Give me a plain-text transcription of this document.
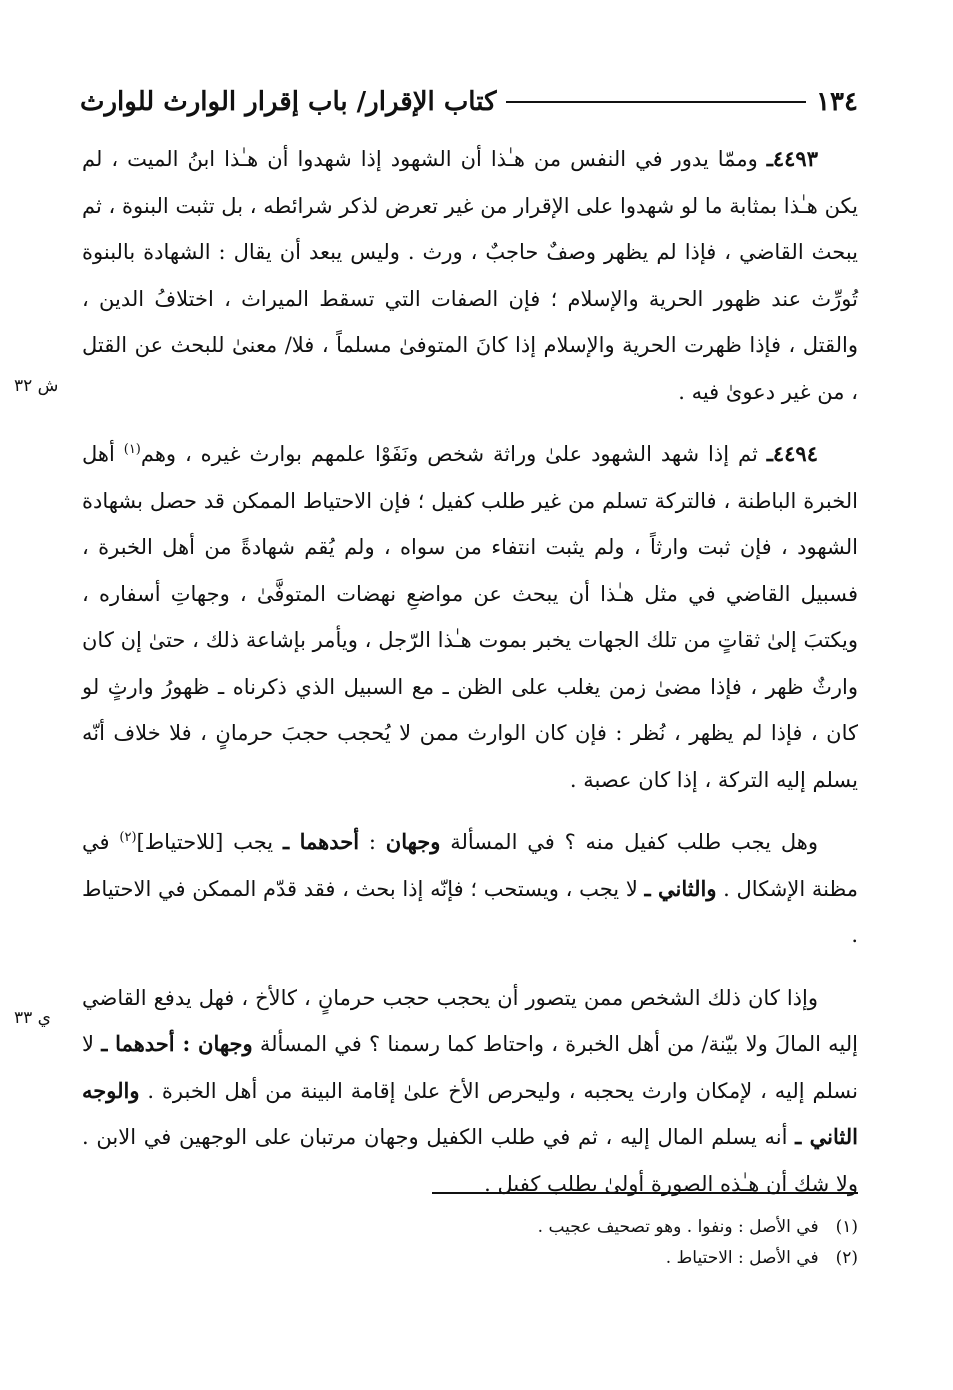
١٣٤
كتاب الإقرار/ باب إقرار الوارث للوارث

٤٤٩٣ـ وممّا يدور في النفس من هـٰذا أن الشهود إذا شهدوا أن هـٰذا ابنُ الميت ، لم يكن هـٰذا بمثابة ما لو شهدوا على الإقرار من غير تعرض لذكر شرائطه ، بل تثبت البنوة ، ثم يبحث القاضي ، فإذا لم يظهر وصفٌ حاجبٌ ، ورث . وليس يبعد أن يقال : الشهادة بالبنوة تُورِّث عند ظهور الحرية والإسلام ؛ فإن الصفات التي تسقط الميراث ، اختلافُ الدين ، والقتل ، فإذا ظهرت الحرية والإسلام إذا كانَ المتوفىٰ مسلماً ، فلا/ معنىٰ للبحث عن القتل ، من غير دعوىٰ فيه .

٤٤٩٤ـ ثم إذا شهد الشهود علىٰ وراثة شخص ونَفَوْا علمهم بوارث غيره ، وهم$^{(١)}$ أهل الخبرة الباطنة ، فالتركة تسلم من غير طلب كفيل ؛ فإن الاحتياط الممكن قد حصل بشهادة الشهود ، فإن ثبت وارثاً ، ولم يثبت انتفاء من سواه ، ولم يُقم شهادةً من أهل الخبرة ، فسبيل القاضي في مثل هـٰذا أن يبحث عن مواضعِ نهضات المتوفَّىٰ ، وجهاتِ أسفاره ، ويكتبَ إلىٰ ثقاتٍ من تلك الجهات يخبر بموت هـٰذا الرّجل ، ويأمر بإشاعة ذلك ، حتىٰ إن كان وارثٌ ظهر ، فإذا مضىٰ زمن يغلب على الظن ـ مع السبيل الذي ذكرناه ـ ظهورُ وارثٍ لو كان ، فإذا لم يظهر ، نُظر : فإن كان الوارث ممن لا يُحجب حجبَ حرمانٍ ، فلا خلاف أنّه يسلم إليه التركة ، إذا كان عصبة .

وهل يجب طلب كفيل منه ؟ في المسألة وجهان : أحدهما ـ يجب [للاحتياط]$^{(٢)}$ في مظنة الإشكال . والثاني ـ لا يجب ، ويستحب ؛ فإنّه إذا بحث ، فقد قدّم الممكن في الاحتياط .

وإذا كان ذلك الشخص ممن يتصور أن يحجب حجب حرمانٍ ، كالأخ ، فهل يدفع القاضي إليه المالَ ولا بيّنة/ من أهل الخبرة ، واحتاط كما رسمنا ؟ في المسألة وجهان : أحدهما ـ لا نسلم إليه ، لإمكان وارث يحجبه ، وليحرص الأخ علىٰ إقامة البينة من أهل الخبرة . والوجه الثاني ـ أنه يسلم المال إليه ، ثم في طلب الكفيل وجهان مرتبان على الوجهين في الابن . ولا شك أن هـٰذه الصورة أولىٰ بطلب كفيل .

ش ٣٢
ي ٣٣
(١) في الأصل : ونفوا . وهو تصحيف عجيب .
(٢) في الأصل : الاحتياط .
